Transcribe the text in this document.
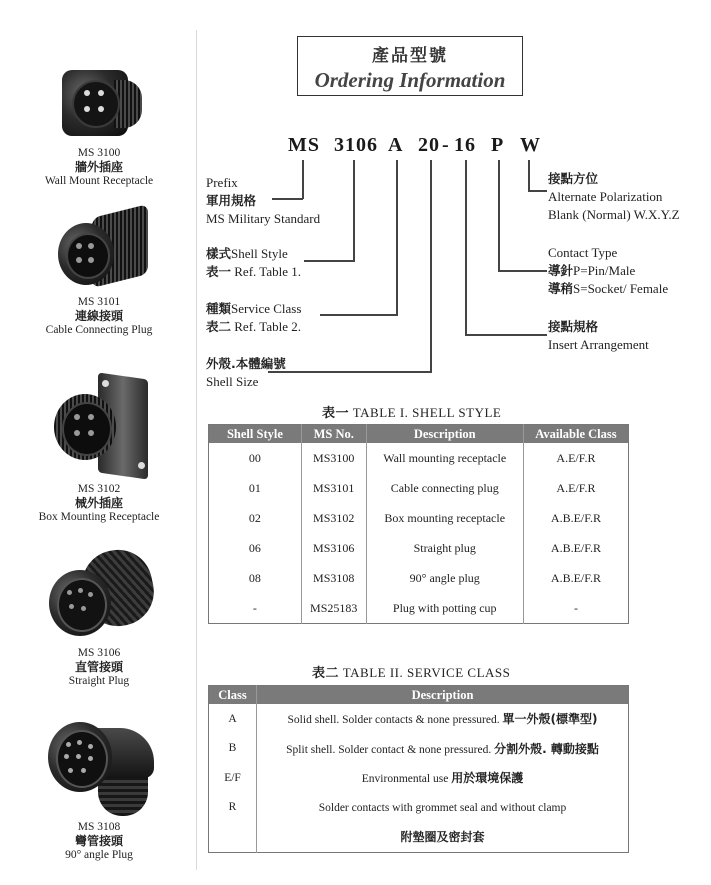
MS 3100
牆外插座
Wall Mount Receptacle
MS 3101
連線接頭
Cable Connecting Plug
MS 3102
械外插座
Box Mounting Receptacle
MS 3106
直管接頭
Straight Plug
MS 3108
彎管接頭
90° angle Plug
產品型號
Ordering Information
MS 3106 A 20 - 16 P W
Prefix
軍用規格
MS Military Standard
樣式Shell Style
表一 Ref. Table 1.
種類Service Class
表二 Ref. Table 2.
外殼.本體編號
Shell Size
接點方位
Alternate Polarization
Blank (Normal) W.X.Y.Z
Contact Type
導針P=Pin/Male
導稍S=Socket/ Female
接點規格
Insert Arrangement
表一 TABLE I. SHELL STYLE
Shell Style	MS No.	Description	Available Class
00	MS3100	Wall mounting receptacle	A.E/F.R
01	MS3101	Cable connecting plug	A.E/F.R
02	MS3102	Box mounting receptacle	A.B.E/F.R
06	MS3106	Straight plug	A.B.E/F.R
08	MS3108	90° angle plug	A.B.E/F.R
-	MS25183	Plug with potting cup	-
表二 TABLE II. SERVICE CLASS
Class	Description
A	Solid shell. Solder contacts & none pressured. 單一外殼(標準型)
B	Split shell. Solder contact & none pressured. 分割外殼. 轉動接點
E/F	Environmental use 用於環境保護
R	Solder contacts with grommet seal and without clamp
	附墊圈及密封套
